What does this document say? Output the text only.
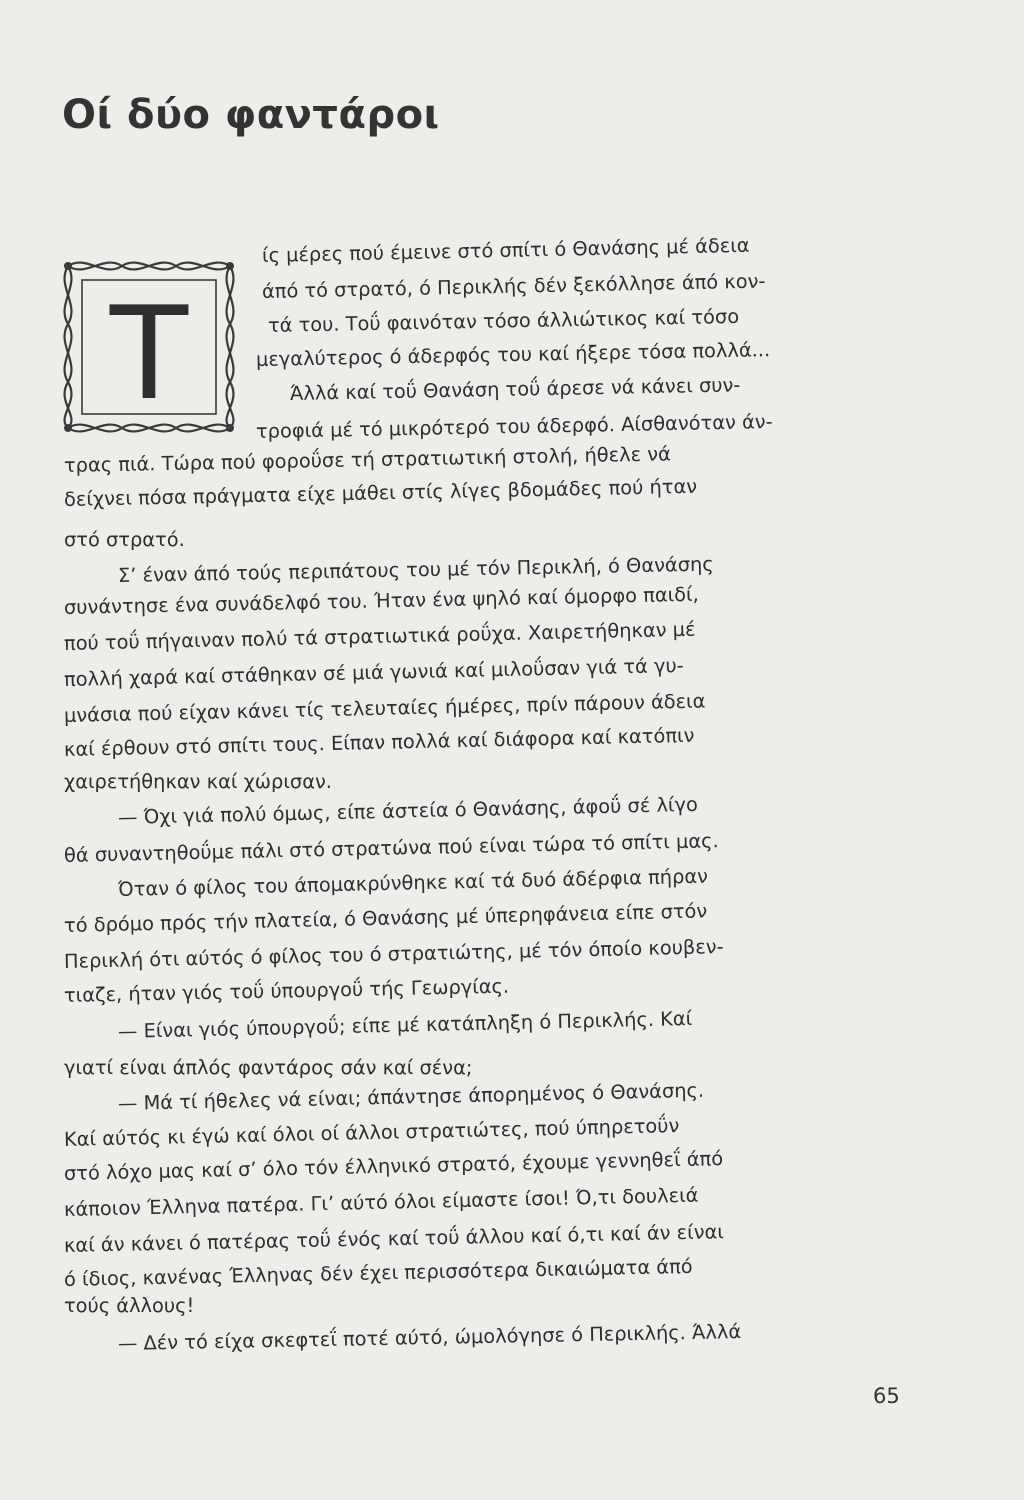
Οί δύο φαντάροι
Τ
ίς μέρες πού έμεινε στό σπίτι ό Θανάσης μέ άδεια
άπό τό στρατό, ό Περικλής δέν ξεκόλλησε άπό κον-
τά του. Τοΰ φαινόταν τόσο άλλιώτικος καί τόσο
μεγαλύτερος ό άδερφός του καί ήξερε τόσα πολλά...
Άλλά καί τοΰ Θανάση τοΰ άρεσε νά κάνει συν-
τροφιά μέ τό μικρότερό του άδερφό. Αίσθανόταν άν-
τρας πιά. Τώρα πού φοροΰσε τή στρατιωτική στολή, ήθελε νά
δείχνει πόσα πράγματα είχε μάθει στίς λίγες βδομάδες πού ήταν
στό στρατό.
Σ’ έναν άπό τούς περιπάτους του μέ τόν Περικλή, ό Θανάσης
συνάντησε ένα συνάδελφό του. Ήταν ένα ψηλό καί όμορφο παιδί,
πού τοΰ πήγαιναν πολύ τά στρατιωτικά ροΰχα. Χαιρετήθηκαν μέ
πολλή χαρά καί στάθηκαν σέ μιά γωνιά καί μιλοΰσαν γιά τά γυ-
μνάσια πού είχαν κάνει τίς τελευταίες ήμέρες, πρίν πάρουν άδεια
καί έρθουν στό σπίτι τους. Είπαν πολλά καί διάφορα καί κατόπιν
χαιρετήθηκαν καί χώρισαν.
— Όχι γιά πολύ όμως, είπε άστεία ό Θανάσης, άφοΰ σέ λίγο
θά συναντηθοΰμε πάλι στό στρατώνα πού είναι τώρα τό σπίτι μας.
Όταν ό φίλος του άπομακρύνθηκε καί τά δυό άδέρφια πήραν
τό δρόμο πρός τήν πλατεία, ό Θανάσης μέ ύπερηφάνεια είπε στόν
Περικλή ότι αύτός ό φίλος του ό στρατιώτης, μέ τόν όποίο κουβεν-
τιαζε, ήταν γιός τοΰ ύπουργοΰ τής Γεωργίας.
— Είναι γιός ύπουργοΰ; είπε μέ κατάπληξη ό Περικλής. Καί
γιατί είναι άπλός φαντάρος σάν καί σένα;
— Μά τί ήθελες νά είναι; άπάντησε άπορημένος ό Θανάσης.
Καί αύτός κι έγώ καί όλοι οί άλλοι στρατιώτες, πού ύπηρετοΰν
στό λόχο μας καί σ’ όλο τόν έλληνικό στρατό, έχουμε γεννηθεΐ άπό
κάποιον Έλληνα πατέρα. Γι’ αύτό όλοι είμαστε ίσοι! Ό,τι δουλειά
καί άν κάνει ό πατέρας τοΰ ένός καί τοΰ άλλου καί ό,τι καί άν είναι
ό ίδιος, κανένας Έλληνας δέν έχει περισσότερα δικαιώματα άπό
τούς άλλους!
— Δέν τό είχα σκεφτεΐ ποτέ αύτό, ώμολόγησε ό Περικλής. Άλλά
65
